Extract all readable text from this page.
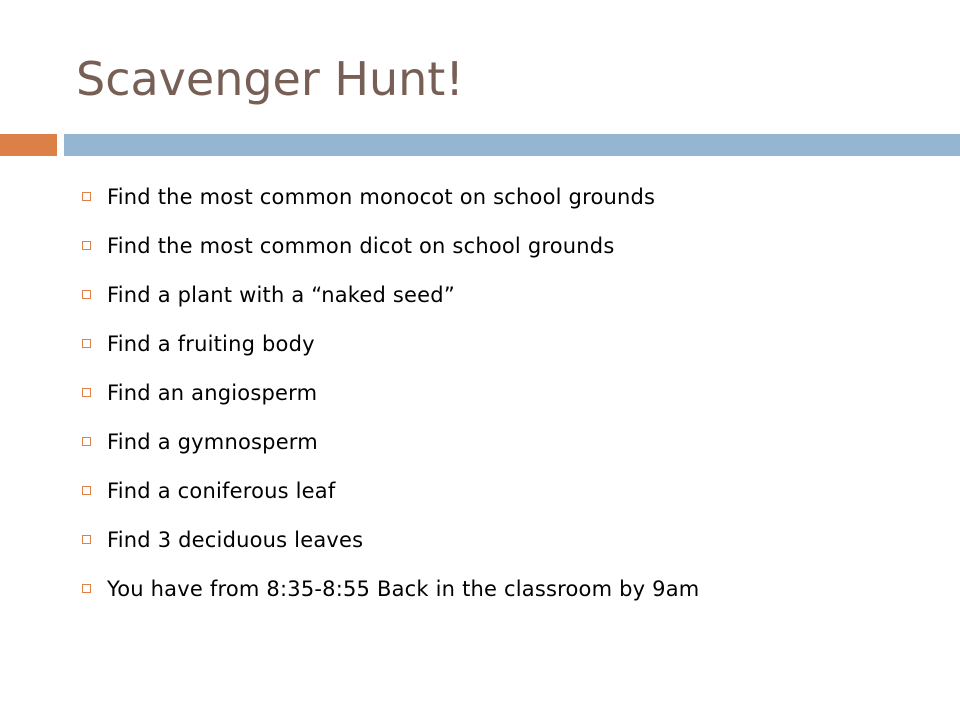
Scavenger Hunt!
Find the most common monocot on school grounds
Find the most common dicot on school grounds
Find a plant with a “naked seed”
Find a fruiting body
Find an angiosperm
Find a gymnosperm
Find a coniferous leaf
Find 3 deciduous leaves
You have from 8:35-8:55 Back in the classroom by 9am
